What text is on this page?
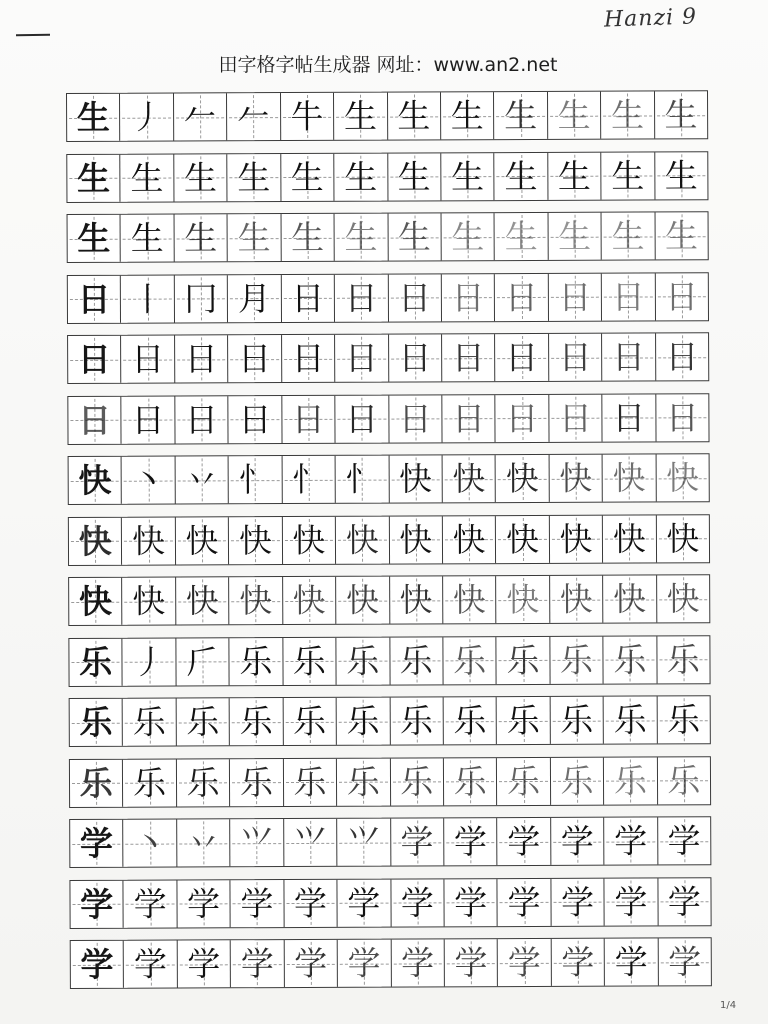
Hanzi 9
田字格字帖生成器 网址：www.an2.net
生 丿 𠂉 𠂉 牛 生 生 生 生 生 生 生
生 生 生 生 生 生 生 生 生 生 生 生
生 生 生 生 生 生 生 生 生 生 生 生
日 丨 冂 月 日 日 日 日 日 日 日 日
日 日 日 日 日 日 日 日 日 日 日 日
日 日 日 日 日 日 日 日 日 日 日 日
快 丶 丷 忄 忄 忄 快 快 快 快 快 快
快 快 快 快 快 快 快 快 快 快 快 快
快 快 快 快 快 快 快 快 快 快 快 快
乐 丿 𠂆 乐 乐 乐 乐 乐 乐 乐 乐 乐
乐 乐 乐 乐 乐 乐 乐 乐 乐 乐 乐 乐
乐 乐 乐 乐 乐 乐 乐 乐 乐 乐 乐 乐
学 丶 丷 ⺍ ⺍ ⺍ 学 学 学 学 学 学
学 学 学 学 学 学 学 学 学 学 学 学
学 学 学 学 学 学 学 学 学 学 学 学
1/4
